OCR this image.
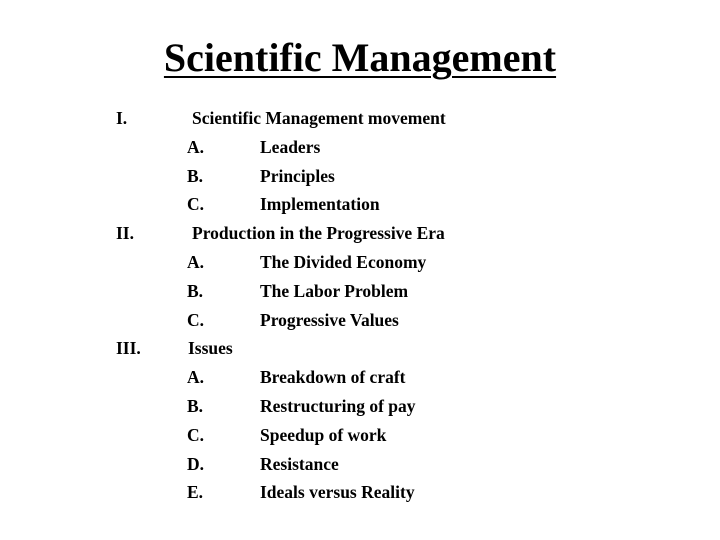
Scientific Management
I.	Scientific Management movement
A.	Leaders
B.	Principles
C.	Implementation
II.	Production in the Progressive Era
A.	The Divided Economy
B.	The Labor Problem
C.	Progressive Values
III.	Issues
A.	Breakdown of craft
B.	Restructuring of pay
C.	Speedup of work
D.	Resistance
E.	Ideals versus Reality
